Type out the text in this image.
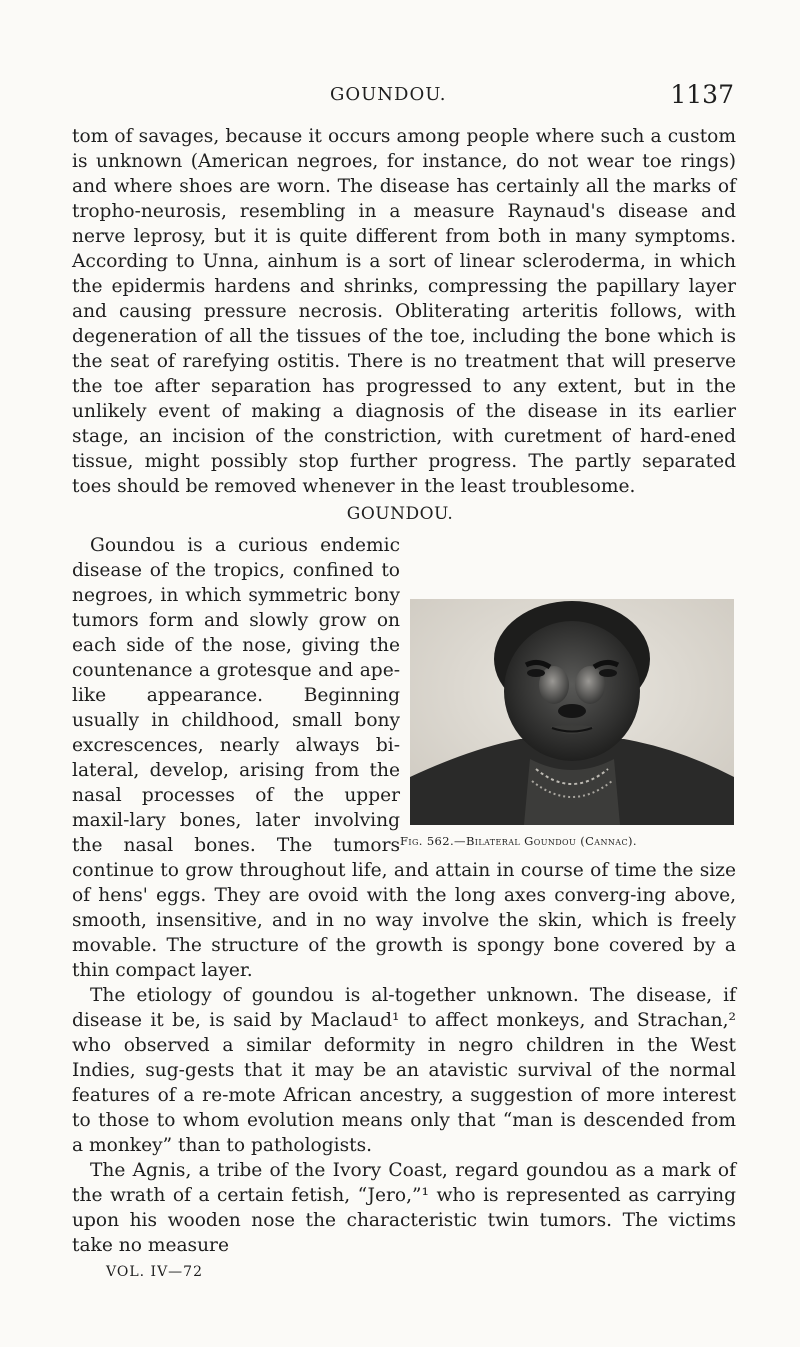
GOUNDOU.	1137

tom of savages, because it occurs among people where such a custom is unknown (American negroes, for instance, do not wear toe rings) and where shoes are worn. The disease has certainly all the marks of tropho-neurosis, resembling in a measure Raynaud's disease and nerve leprosy, but it is quite different from both in many symptoms. According to Unna, ainhum is a sort of linear scleroderma, in which the epidermis hardens and shrinks, compressing the papillary layer and causing pressure necrosis. Obliterating arteritis follows, with degeneration of all the tissues of the toe, including the bone which is the seat of rarefying ostitis. There is no treatment that will preserve the toe after separation has progressed to any extent, but in the unlikely event of making a diagnosis of the disease in its earlier stage, an incision of the constriction, with curetment of hard-ened tissue, might possibly stop further progress. The partly separated toes should be removed whenever in the least troublesome.

GOUNDOU.
Fig. 562.—Bilateral Goundou (Cannac).

Goundou is a curious endemic disease of the tropics, confined to negroes, in which symmetric bony tumors form and slowly grow on each side of the nose, giving the countenance a grotesque and ape-like appearance. Beginning usually in childhood, small bony excrescences, nearly always bi-lateral, develop, arising from the nasal processes of the upper maxil-lary bones, later involving the nasal bones. The tumors continue to grow throughout life, and attain in course of time the size of hens' eggs. They are ovoid with the long axes converg-ing above, smooth, insensitive, and in no way involve the skin, which is freely movable. The structure of the growth is spongy bone covered by a thin compact layer.

The etiology of goundou is al-together unknown. The disease, if disease it be, is said by Maclaud¹ to affect monkeys, and Strachan,² who observed a similar deformity in negro children in the West Indies, sug-gests that it may be an atavistic survival of the normal features of a re-mote African ancestry, a suggestion of more interest to those to whom evolution means only that “man is descended from a monkey” than to pathologists.

The Agnis, a tribe of the Ivory Coast, regard goundou as a mark of the wrath of a certain fetish, “Jero,”¹ who is represented as carrying upon his wooden nose the characteristic twin tumors. The victims take no measure

VOL. IV—72
